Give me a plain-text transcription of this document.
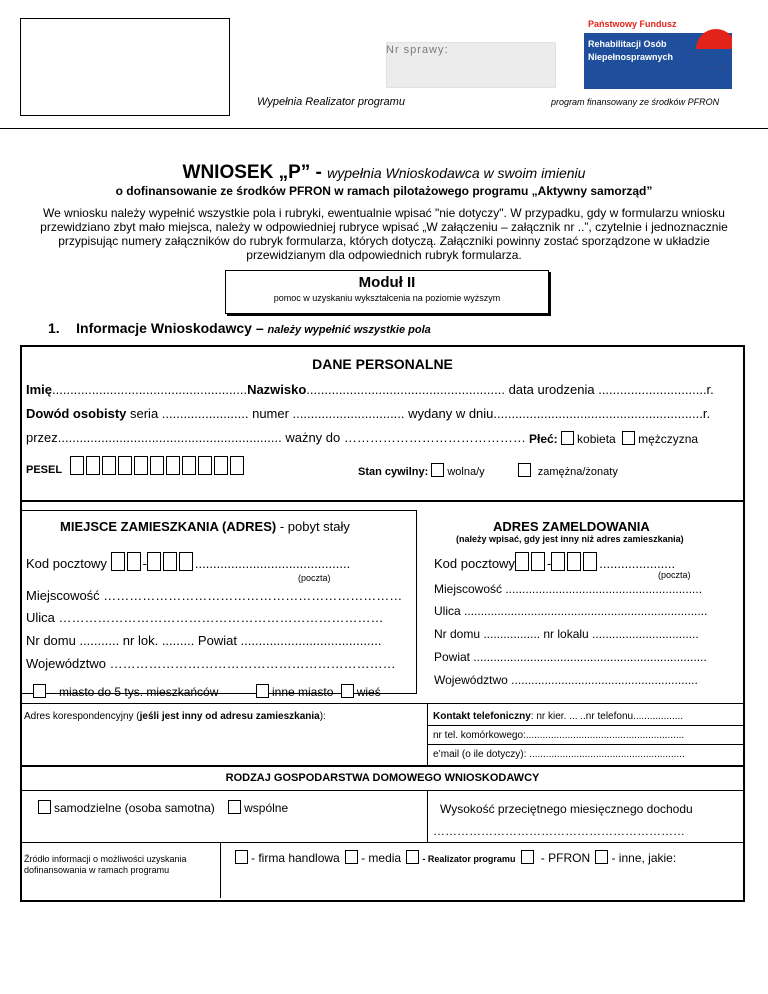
Wypełnia Realizator programu	program finansowany ze środków PFRON
Państwowy Fundusz
Rehabilitacji Osób
Niepełnosprawnych
WNIOSEK „P” - wypełnia Wnioskodawca w swoim imieniu
o dofinansowanie ze środków PFRON w ramach pilotażowego programu „Aktywny samorząd”
We wniosku należy wypełnić wszystkie pola i rubryki, ewentualnie wpisać "nie dotyczy". W przypadku, gdy w formularzu wniosku przewidziano zbyt mało miejsca, należy w odpowiedniej rubryce wpisać „W załączeniu – załącznik nr ..”, czytelnie i jednoznacznie przypisując numery załączników do rubryk formularza, których dotyczą. Załączniki powinny zostać sporządzone w układzie przewidzianym dla odpowiednich rubryk formularza.
Moduł II
pomoc w uzyskaniu wykształcenia na poziomie wyższym
1. Informacje Wnioskodawcy – należy wypełnić wszystkie pola
DANE PERSONALNE
Imię......................................................Nazwisko....................................................... data urodzenia ..............................r.
Dowód osobisty seria ........................ numer ............................... wydany w dniu..........................................................r.
przez.............................................................. ważny do …………………………………… Płeć: kobieta mężczyzna
PESEL	Stan cywilny: wolna/y	zamężna/żonaty
MIEJSCE ZAMIESZKANIA (ADRES) - pobyt stały
Kod pocztowy	-	...........................................
(poczta)
Miejscowość ……………………………………………………………
Ulica …………………………………………………………………
Nr domu ........... nr lok. ......... Powiat .......................................
Województwo …………………………………………………………
miasto do 5 tys. mieszkańców	inne miasto wieś
ADRES ZAMELDOWANIA
(należy wpisać, gdy jest inny niż adres zamieszkania)
Kod pocztowy -	.....................
(poczta)
Miejscowość ...........................................................
Ulica .........................................................................
Nr domu ................. nr lokalu ................................
Powiat ......................................................................
Województwo ........................................................
Adres korespondencyjny (jeśli jest inny od adresu zamieszkania):	Kontakt telefoniczny: nr kier. ... ..nr telefonu..................
nr tel. komórkowego:.........................................................
e’mail (o ile dotyczy): ........................................................
RODZAJ GOSPODARSTWA DOMOWEGO WNIOSKODAWCY
samodzielne (osoba samotna) wspólne	Wysokość przeciętnego miesięcznego dochodu
………………………………………………………
Źródło informacji o możliwości uzyskania dofinansowania w ramach programu
- firma handlowa - media - Realizator programu - PFRON - inne, jakie:
